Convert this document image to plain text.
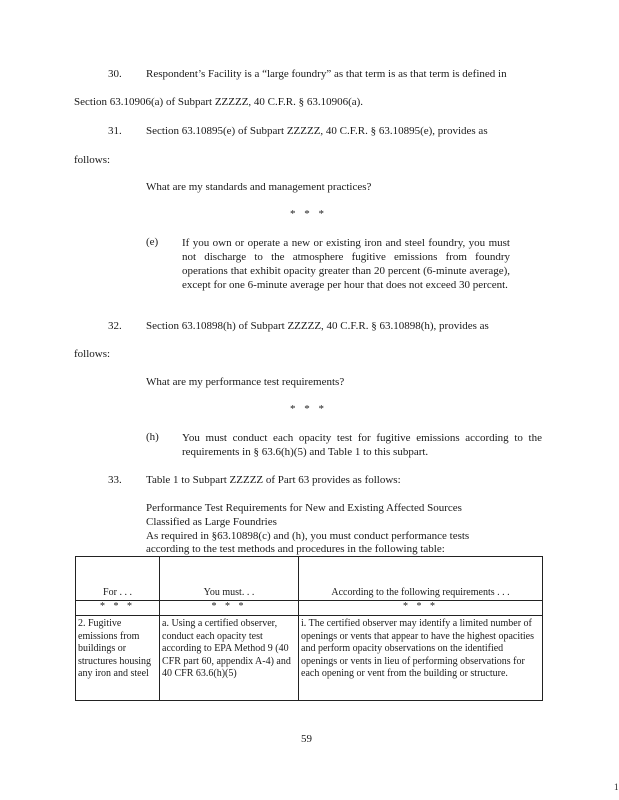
30. Respondent’s Facility is a “large foundry” as that term is as that term is defined in
Section 63.10906(a) of Subpart ZZZZZ, 40 C.F.R. § 63.10906(a).
31. Section 63.10895(e) of Subpart ZZZZZ, 40 C.F.R. § 63.10895(e), provides as
follows:
What are my standards and management practices?
* * *
(e) If you own or operate a new or existing iron and steel foundry, you must not discharge to the atmosphere fugitive emissions from foundry operations that exhibit opacity greater than 20 percent (6-minute average), except for one 6-minute average per hour that does not exceed 30 percent.
32. Section 63.10898(h) of Subpart ZZZZZ, 40 C.F.R. § 63.10898(h), provides as
follows:
What are my performance test requirements?
* * *
(h) You must conduct each opacity test for fugitive emissions according to the requirements in § 63.6(h)(5) and Table 1 to this subpart.
33. Table 1 to Subpart ZZZZZ of Part 63 provides as follows:
Performance Test Requirements for New and Existing Affected Sources
Classified as Large Foundries
As required in §63.10898(c) and (h), you must conduct performance tests
according to the test methods and procedures in the following table:
For . . .	You must. . .	According to the following requirements . . .
* * *	* * *	* * *
2. Fugitive emissions from buildings or structures housing any iron and steel	a. Using a certified observer, conduct each opacity test according to EPA Method 9 (40 CFR part 60, appendix A-4) and 40 CFR 63.6(h)(5)	i. The certified observer may identify a limited number of openings or vents that appear to have the highest opacities and perform opacity observations on the identified openings or vents in lieu of performing observations for each opening or vent from the building or structure.
59
1
